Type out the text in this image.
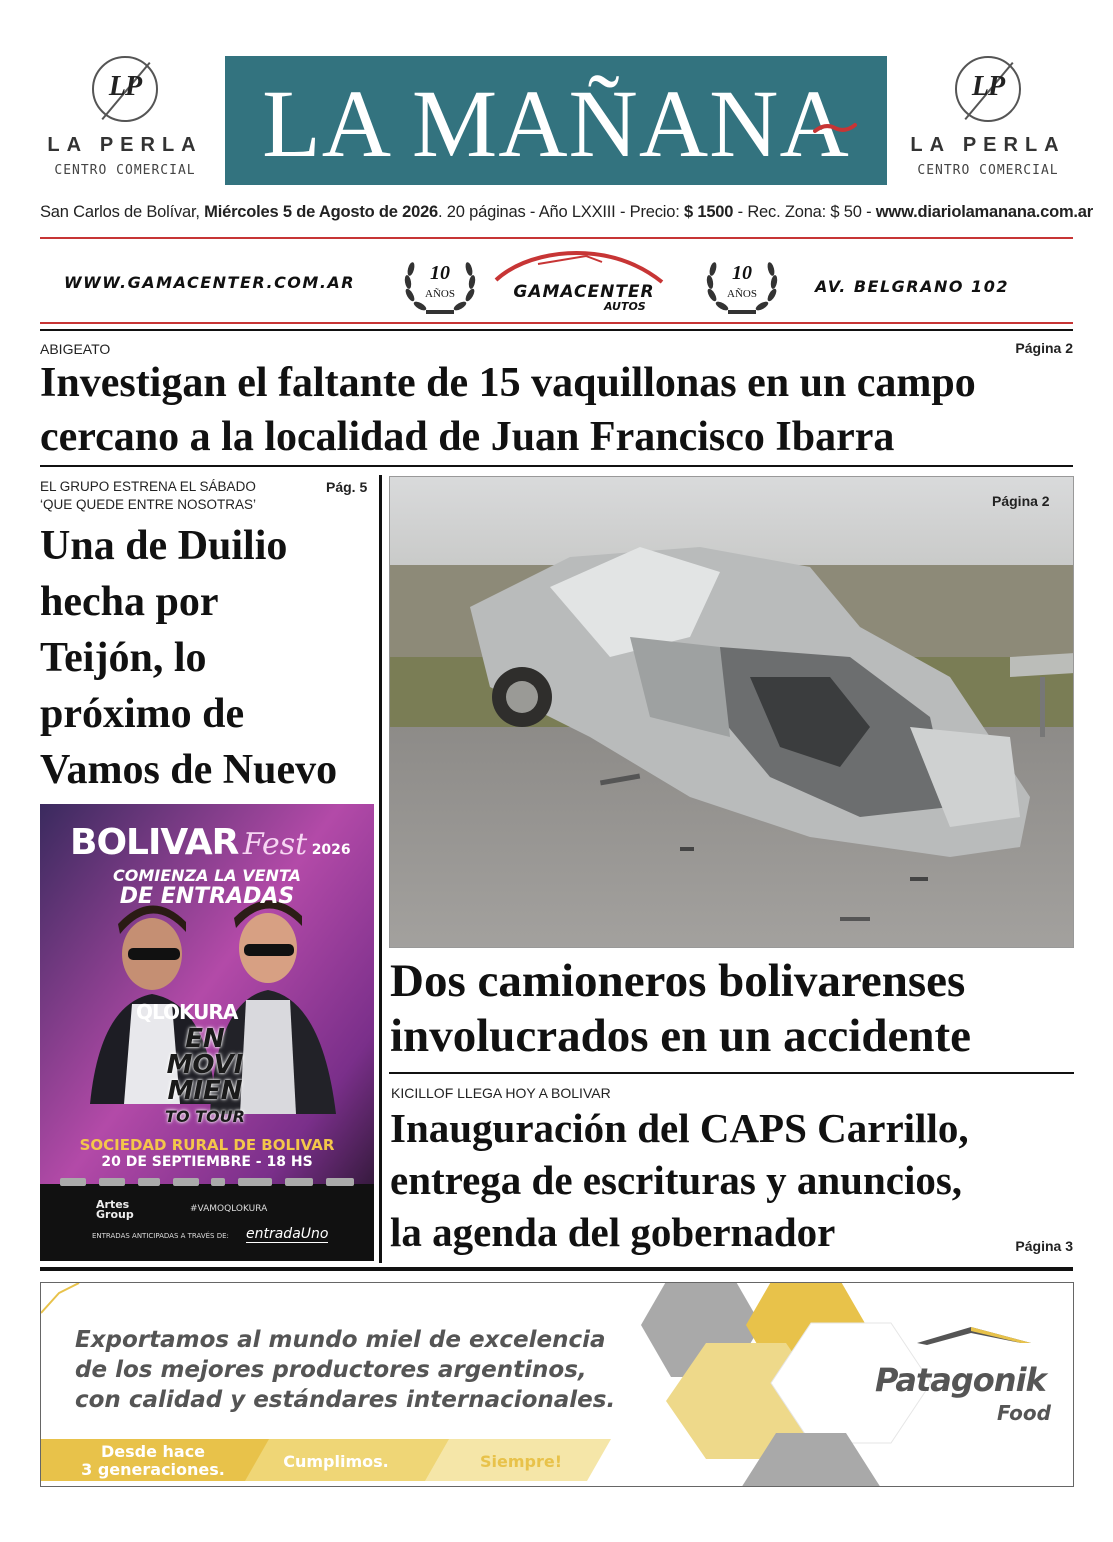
LP
LA PERLA
CENTRO COMERCIAL LA MAÑANA	LP
LA PERLA
CENTRO COMERCIAL
San Carlos de Bolívar, Miércoles 5 de Agosto de 2026. 20 páginas - Año LXXIII - Precio: $ 1500 - Rec. Zona: $ 50 - www.diariolamanana.com.ar
WWW.GAMACENTER.COM.AR	10
AÑOS	GAMACENTER
AUTOS
10
AÑOS	AV. BELGRANO 102
ABIGEATO	Página 2
Investigan el faltante de 15 vaquillonas en un campo
cercano a la localidad de Juan Francisco Ibarra
EL GRUPO ESTRENA EL SÁBADO
‘QUE QUEDE ENTRE NOSOTRAS’
Pág. 5
Una de Duilio
hecha por
Teijón, lo
próximo de
Vamos de Nuevo
BOLIVAR Fest 2026
COMIENZA LA VENTA
DE ENTRADAS
QLOKURA
EN
MOVI
MIEN
TO TOUR
SOCIEDAD RURAL DE BOLIVAR
20 DE SEPTIEMBRE - 18 HS
Artes
Group	#VAMOQLOKURA
ENTRADAS ANTICIPADAS A TRAVÉS DE: entradaUno
Página 2
Dos camioneros bolivarenses
involucrados en un accidente
KICILLOF LLEGA HOY A BOLIVAR
Inauguración del CAPS Carrillo,
entrega de escrituras y anuncios,
la agenda del gobernador	Página 3
Exportamos al mundo miel de excelencia
de los mejores productores argentinos,
con calidad y estándares internacionales.
Desde hace
3 generaciones.	Cumplimos.	Siempre!
Patagonik
Food
